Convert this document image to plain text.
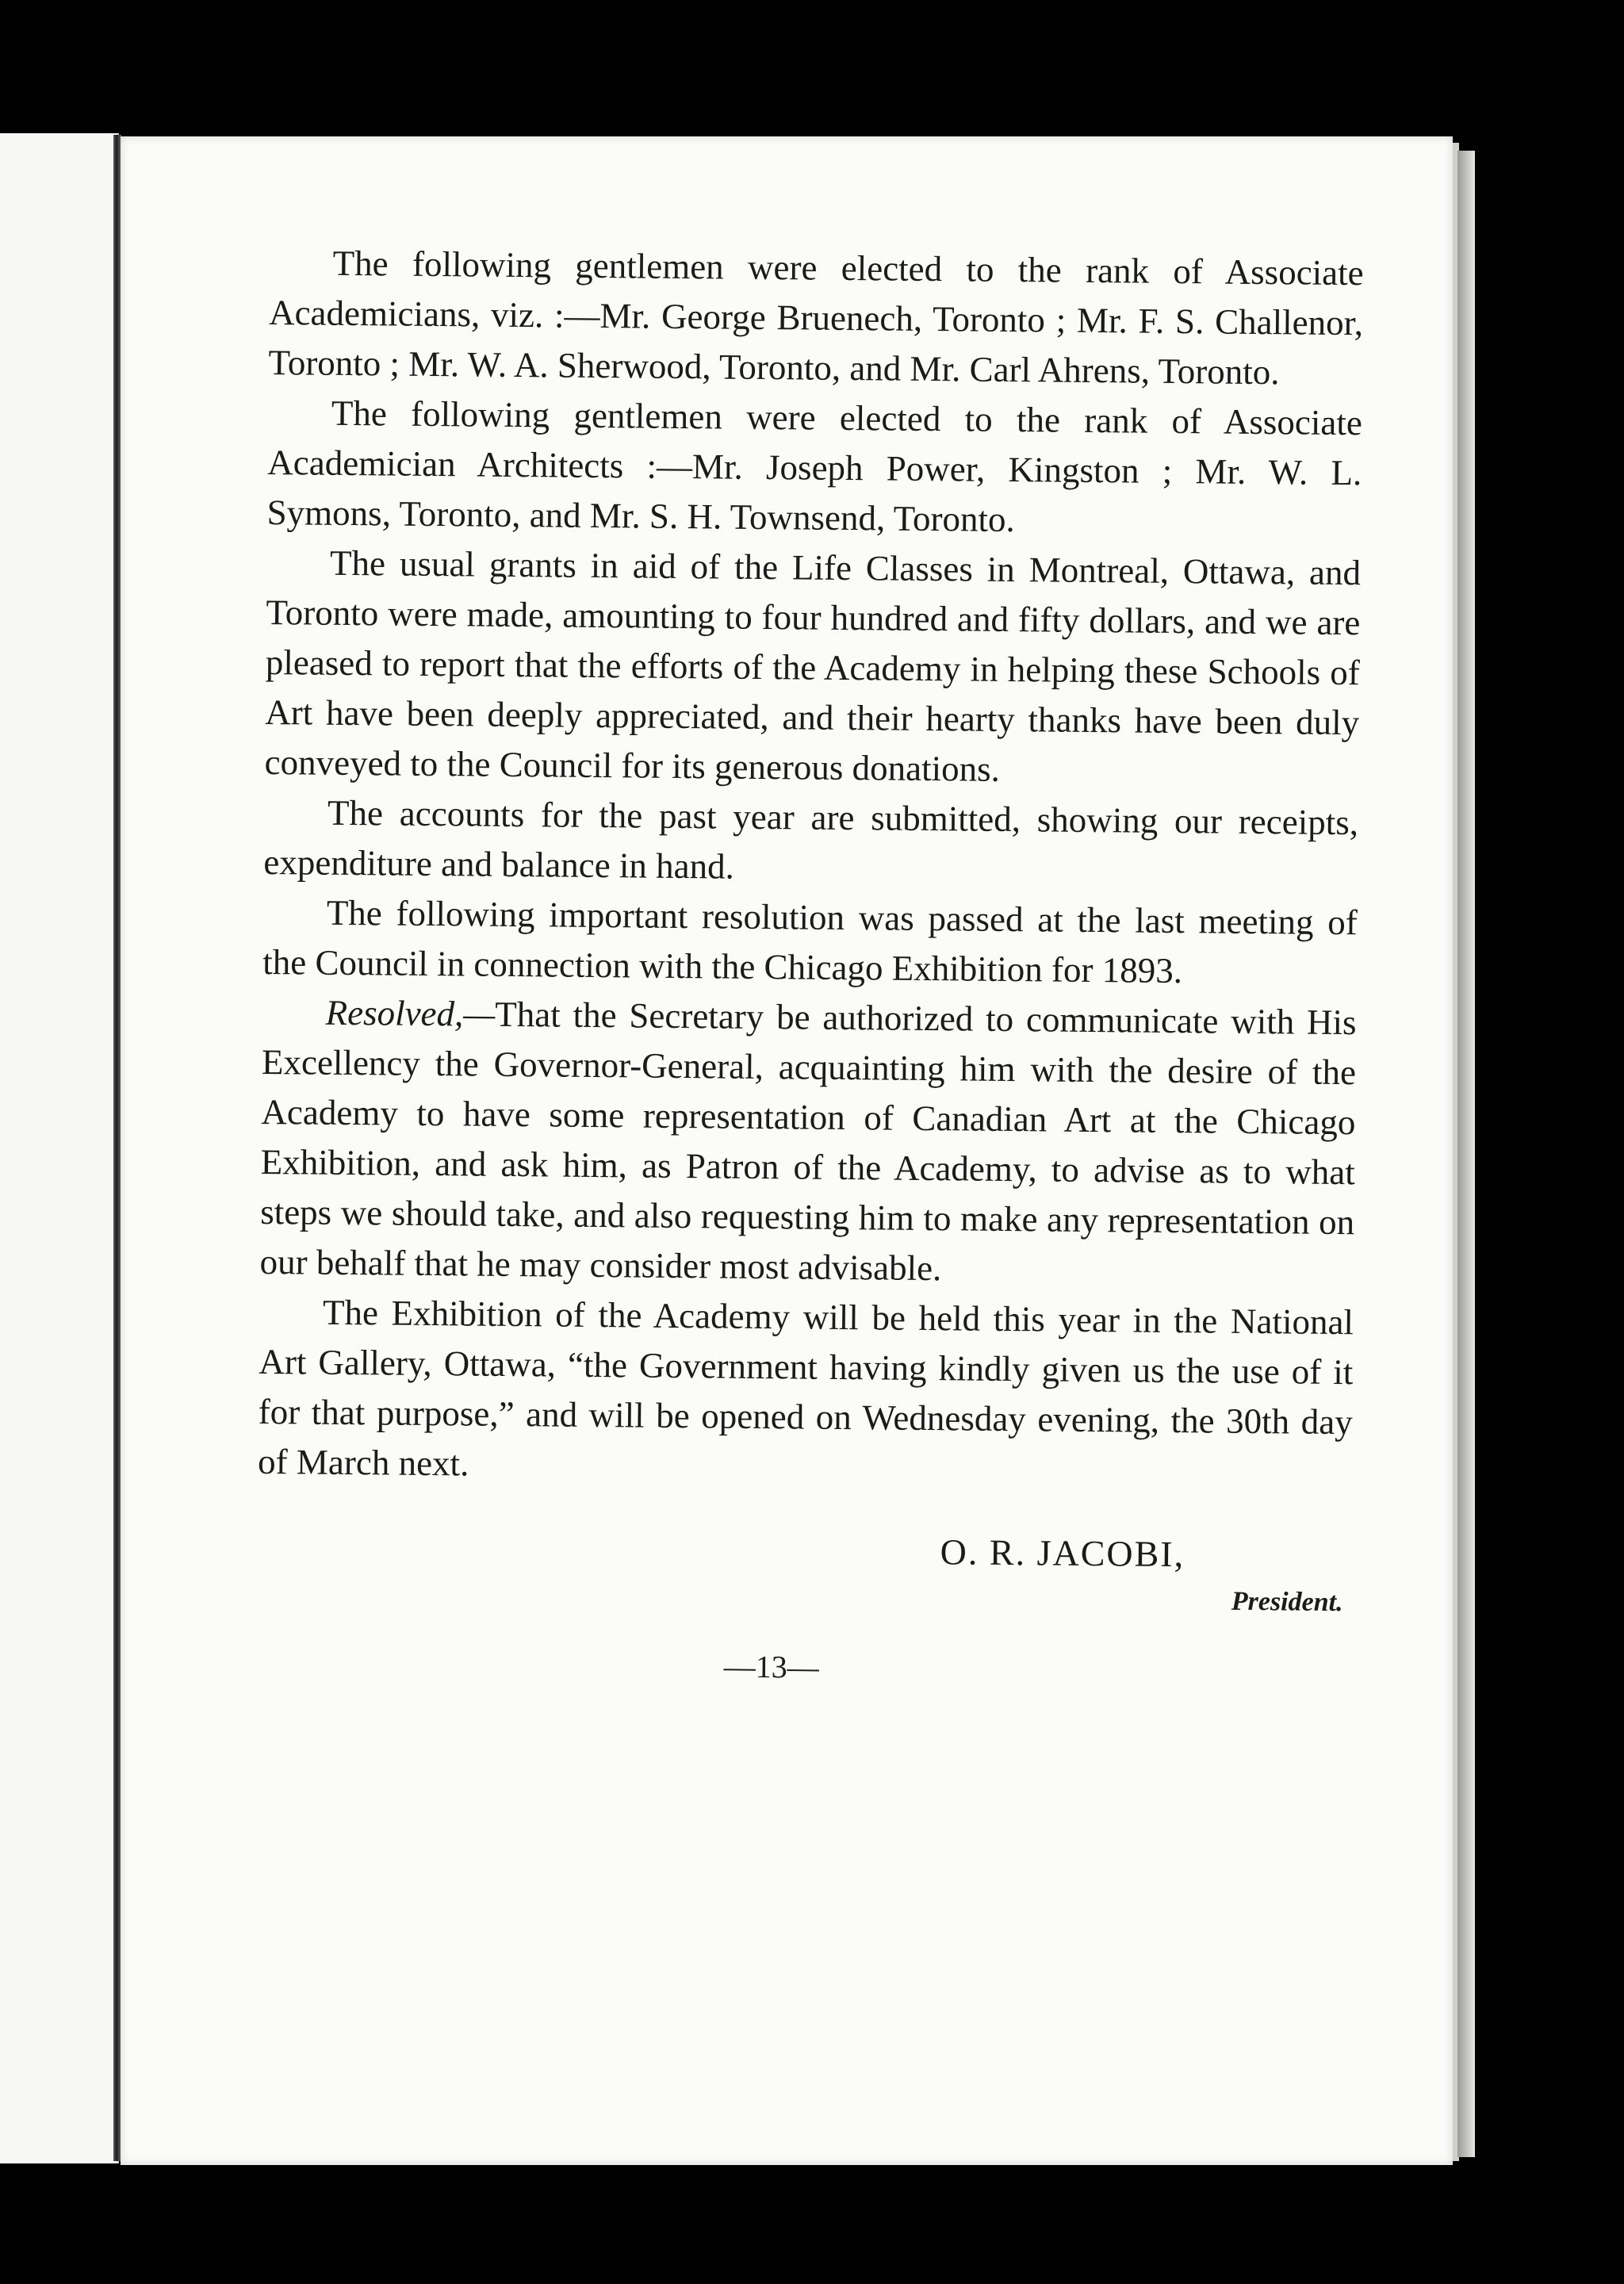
The following gentlemen were elected to the rank of Associate Academicians, viz. :—Mr. George Bruenech, Toronto ; Mr. F. S. Challenor, Toronto ; Mr. W. A. Sherwood, Toronto, and Mr. Carl Ahrens, Toronto.

The following gentlemen were elected to the rank of Associate Academician Architects :—Mr. Joseph Power, Kingston ; Mr. W. L. Symons, Toronto, and Mr. S. H. Townsend, Toronto.

The usual grants in aid of the Life Classes in Montreal, Ottawa, and Toronto were made, amounting to four hundred and fifty dollars, and we are pleased to report that the efforts of the Academy in helping these Schools of Art have been deeply appreciated, and their hearty thanks have been duly conveyed to the Council for its generous donations.

The accounts for the past year are submitted, showing our receipts, expenditure and balance in hand.

The following important resolution was passed at the last meeting of the Council in connection with the Chicago Exhibition for 1893.

Resolved,—That the Secretary be authorized to communicate with His Excellency the Governor-General, acquainting him with the desire of the Academy to have some representation of Canadian Art at the Chicago Exhibition, and ask him, as Patron of the Academy, to advise as to what steps we should take, and also requesting him to make any representation on our behalf that he may consider most advisable.

The Exhibition of the Academy will be held this year in the National Art Gallery, Ottawa, “the Government having kindly given us the use of it for that purpose,” and will be opened on Wednesday evening, the 30th day of March next.

O. R. JACOBI,
President.
—13—
